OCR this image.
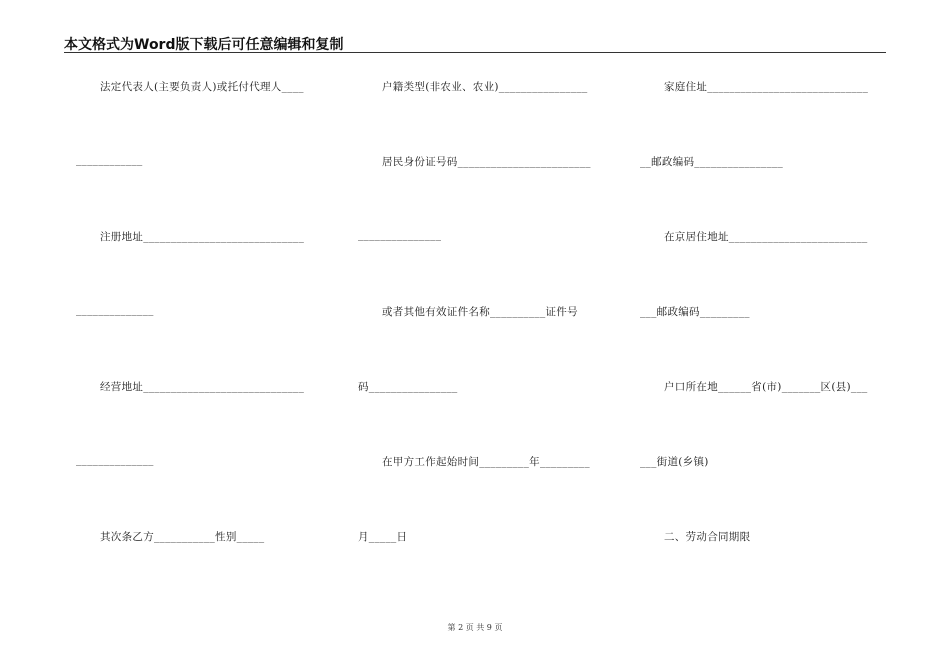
本文格式为Word版下载后可任意编辑和复制
法定代表人(主要负责人)或托付代理人____	户籍类型(非农业、农业)________________	家庭住址_____________________________
____________	居民身份证号码________________________	__邮政编码________________
注册地址_____________________________	_______________	在京居住地址_________________________
______________	或者其他有效证件名称__________证件号	___邮政编码_________
经营地址_____________________________	码________________	户口所在地______省(市)_______区(县)___
______________	在甲方工作起始时间_________年_________	___街道(乡镇)
其次条乙方___________性别_____	月_____日	二、劳动合同期限
第 2 页 共 9 页
